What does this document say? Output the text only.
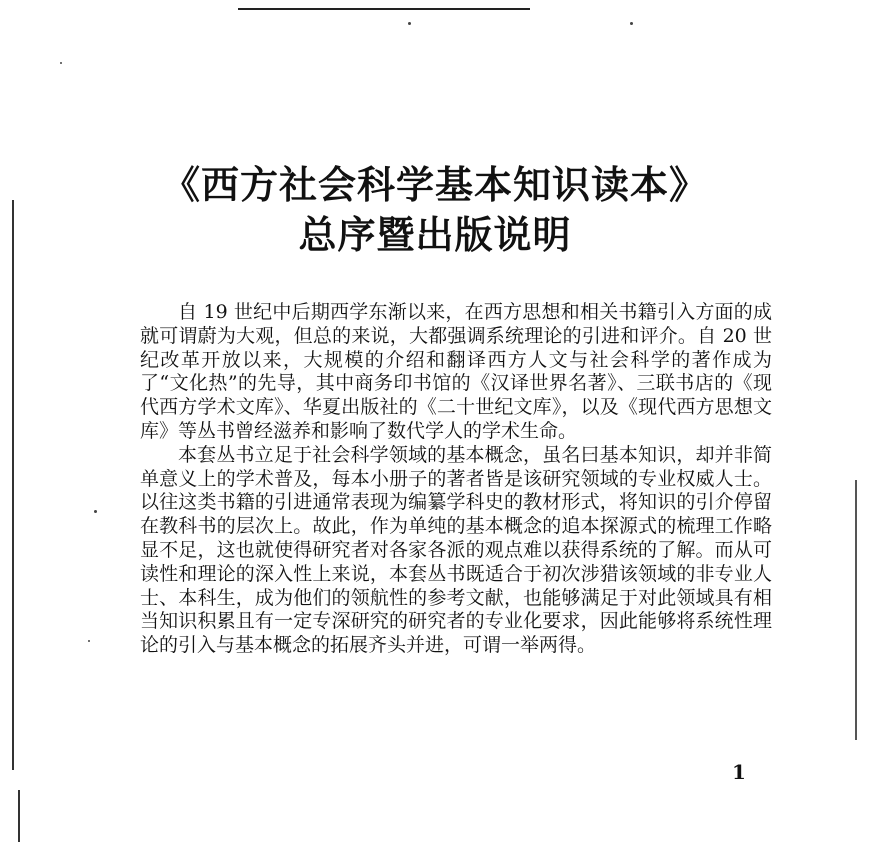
《西方社会科学基本知识读本》
总序暨出版说明

自 19 世纪中后期西学东渐以来，在西方思想和相关书籍引入方面的成就可谓蔚为大观，但总的来说，大都强调系统理论的引进和评介。自 20 世纪改革开放以来，大规模的介绍和翻译西方人文与社会科学的著作成为了“文化热”的先导，其中商务印书馆的《汉译世界名著》、三联书店的《现代西方学术文库》、华夏出版社的《二十世纪文库》，以及《现代西方思想文库》等丛书曾经滋养和影响了数代学人的学术生命。

本套丛书立足于社会科学领域的基本概念，虽名曰基本知识，却并非简单意义上的学术普及，每本小册子的著者皆是该研究领域的专业权威人士。以往这类书籍的引进通常表现为编纂学科史的教材形式，将知识的引介停留在教科书的层次上。故此，作为单纯的基本概念的追本探源式的梳理工作略显不足，这也就使得研究者对各家各派的观点难以获得系统的了解。而从可读性和理论的深入性上来说，本套丛书既适合于初次涉猎该领域的非专业人士、本科生，成为他们的领航性的参考文献，也能够满足于对此领域具有相当知识积累且有一定专深研究的研究者的专业化要求，因此能够将系统性理论的引入与基本概念的拓展齐头并进，可谓一举两得。

1
